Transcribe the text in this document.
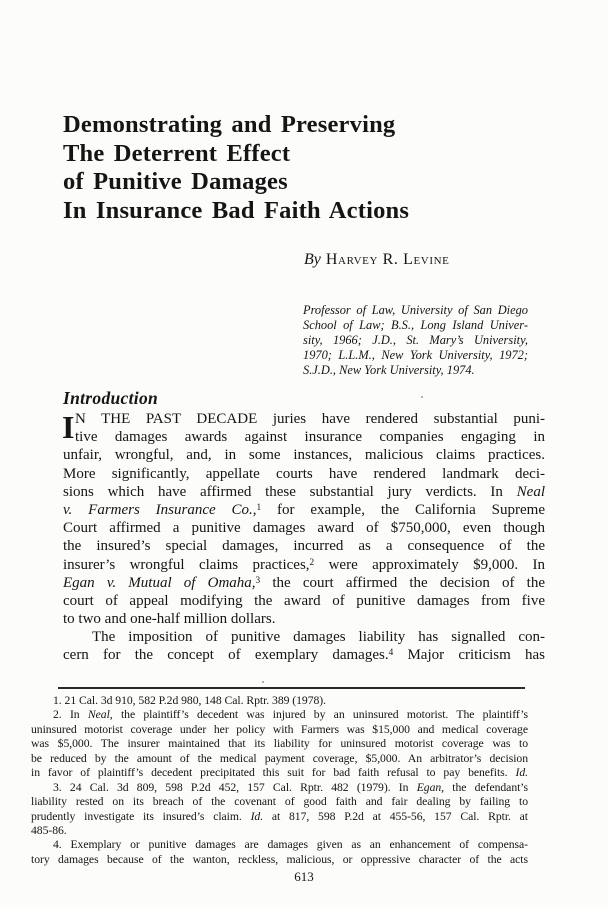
Demonstrating and Preserving
The Deterrent Effect
of Punitive Damages
In Insurance Bad Faith Actions
By Harvey R. Levine
Professor of Law, University of San Diego
School of Law; B.S., Long Island Univer-
sity, 1966; J.D., St. Mary’s University,
1970; L.L.M., New York University, 1972;
S.J.D., New York University, 1974.
Introduction
I N THE PAST DECADE juries have rendered substantial puni-
tive damages awards against insurance companies engaging in
unfair, wrongful, and, in some instances, malicious claims practices.
More significantly, appellate courts have rendered landmark deci-
sions which have affirmed these substantial jury verdicts. In Neal
v. Farmers Insurance Co.,$^1$ for example, the California Supreme
Court affirmed a punitive damages award of $750,000, even though
the insured’s special damages, incurred as a consequence of the
insurer’s wrongful claims practices,$^2$ were approximately $9,000. In
Egan v. Mutual of Omaha,$^3$ the court affirmed the decision of the
court of appeal modifying the award of punitive damages from five
to two and one-half million dollars.
The imposition of punitive damages liability has signalled con-
cern for the concept of exemplary damages.$^4$ Major criticism has
1. 21 Cal. 3d 910, 582 P.2d 980, 148 Cal. Rptr. 389 (1978).
2. In Neal, the plaintiff’s decedent was injured by an uninsured motorist. The plaintiff’s
uninsured motorist coverage under her policy with Farmers was $15,000 and medical coverage
was $5,000. The insurer maintained that its liability for uninsured motorist coverage was to
be reduced by the amount of the medical payment coverage, $5,000. An arbitrator’s decision
in favor of plaintiff’s decedent precipitated this suit for bad faith refusal to pay benefits. Id.
3. 24 Cal. 3d 809, 598 P.2d 452, 157 Cal. Rptr. 482 (1979). In Egan, the defendant’s
liability rested on its breach of the covenant of good faith and fair dealing by failing to
prudently investigate its insured’s claim. Id. at 817, 598 P.2d at 455-56, 157 Cal. Rptr. at
485-86.
4. Exemplary or punitive damages are damages given as an enhancement of compensa-
tory damages because of the wanton, reckless, malicious, or oppressive character of the acts
613
